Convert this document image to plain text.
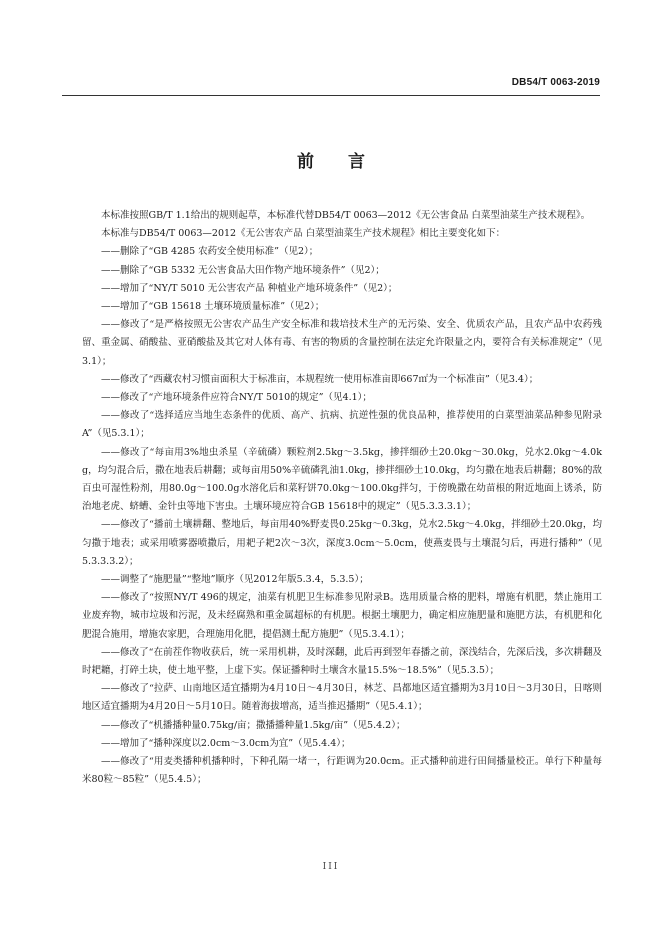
DB54/T 0063-2019
前 言

本标准按照GB/T 1.1给出的规则起草，本标准代替DB54/T 0063—2012《无公害食品 白菜型油菜生产技术规程》。

本标准与DB54/T 0063—2012《无公害农产品 白菜型油菜生产技术规程》相比主要变化如下：

——删除了“GB 4285 农药安全使用标准”（见2）；

——删除了“GB 5332 无公害食品大田作物产地环境条件”（见2）；

——增加了“NY/T 5010 无公害农产品 种植业产地环境条件”（见2）；

——增加了“GB 15618 土壤环境质量标准”（见2）；

——修改了“是严格按照无公害农产品生产安全标准和栽培技术生产的无污染、安全、优质农产品，且农产品中农药残留、重金属、硝酸盐、亚硝酸盐及其它对人体有毒、有害的物质的含量控制在法定允许限量之内，要符合有关标准规定”（见3.1）；

——修改了“西藏农村习惯亩面积大于标准亩，本规程统一使用标准亩即667㎡为一个标准亩”（见3.4）；

——修改了“产地环境条件应符合NY/T 5010的规定”（见4.1）；

——修改了“选择适应当地生态条件的优质、高产、抗病、抗逆性强的优良品种，推荐使用的白菜型油菜品种参见附录A”（见5.3.1）；

——修改了“每亩用3%地虫杀星（辛硫磷）颗粒剂2.5kg～3.5kg，掺拌细砂土20.0kg～30.0kg，兑水2.0kg～4.0kg，均匀混合后，撒在地表后耕翻；或每亩用50%辛硫磷乳油1.0kg，掺拌细砂土10.0kg，均匀撒在地表后耕翻；80%的敌百虫可湿性粉剂，用80.0g～100.0g水溶化后和菜籽饼70.0kg～100.0kg拌匀，于傍晚撒在幼苗根的附近地面上诱杀，防治地老虎、蛴螬、金针虫等地下害虫。土壤环境应符合GB 15618中的规定”（见5.3.3.3.1）；

——修改了“播前土壤耕翻、整地后，每亩用40%野麦畏0.25kg～0.3kg，兑水2.5kg～4.0kg，拌细砂土20.0kg，均匀撒于地表；或采用喷雾器喷撒后，用耙子耙2次～3次，深度3.0cm～5.0cm，使燕麦畏与土壤混匀后，再进行播种”（见5.3.3.3.2）；

——调整了“施肥量”“整地”顺序（见2012年版5.3.4，5.3.5）；

——修改了“按照NY/T 496的规定，油菜有机肥卫生标准参见附录B。选用质量合格的肥料，增施有机肥，禁止施用工业废弃物，城市垃圾和污泥，及未经腐熟和重金属超标的有机肥。根据土壤肥力，确定相应施肥量和施肥方法，有机肥和化肥混合施用，增施农家肥，合理施用化肥，提倡测土配方施肥”（见5.3.4.1）；

——修改了“在前茬作物收获后，统一采用机耕，及时深翻，此后再到翌年春播之前，深浅结合，先深后浅，多次耕翻及时耙耱，打碎土块，使土地平整，上虚下实。保证播种时土壤含水量15.5%～18.5%”（见5.3.5）；

——修改了“拉萨、山南地区适宜播期为4月10日～4月30日，林芝、昌都地区适宜播期为3月10日～3月30日，日喀则地区适宜播期为4月20日～5月10日。随着海拔增高，适当推迟播期”（见5.4.1）；

——修改了“机播播种量0.75kg/亩；撒播播种量1.5kg/亩”（见5.4.2）；

——增加了“播种深度以2.0cm～3.0cm为宜”（见5.4.4）；

——修改了“用麦类播种机播种时，下种孔隔一堵一，行距调为20.0cm。正式播种前进行田间播量校正。单行下种量每米80粒～85粒”（见5.4.5）；

III
